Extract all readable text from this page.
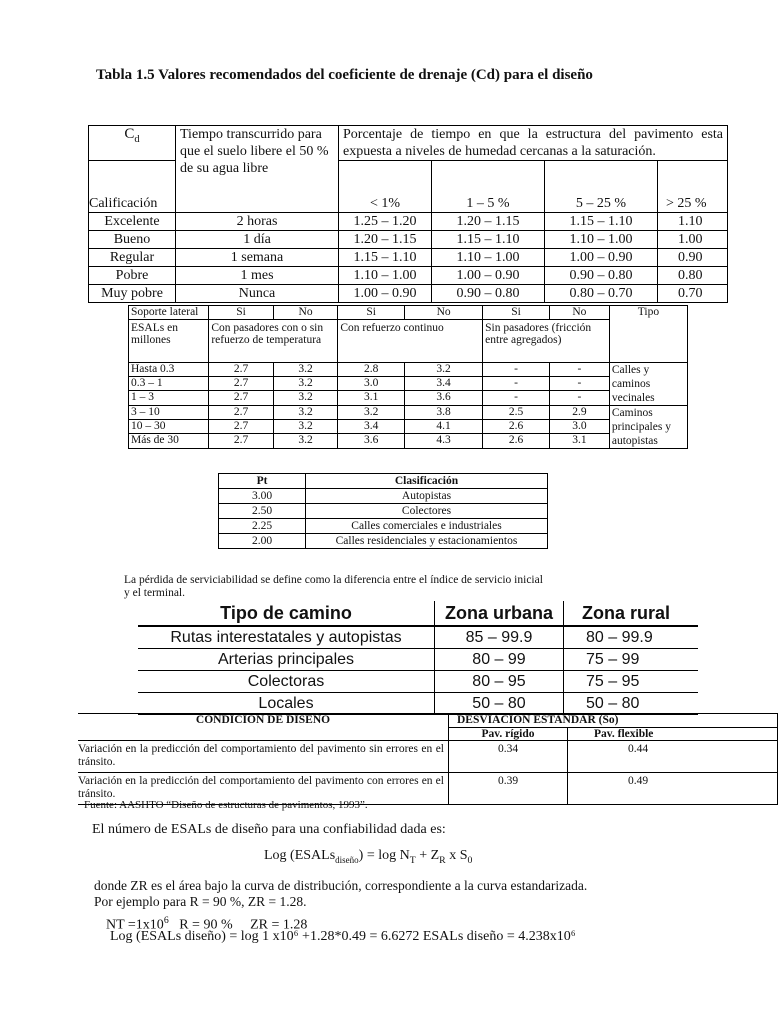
Tabla 1.5 Valores recomendados del coeficiente de drenaje (Cd) para el diseño
$C_d$	Tiempo transcurrido para que el suelo libere el 50 % de su agua libre	Porcentaje de tiempo en que la estructura del pavimento esta expuesta a niveles de humedad cercanas a la saturación.			
Calificación		< 1%	1 – 5 %	5 – 25 %	> 25 %
Excelente	2 horas	1.25 – 1.20	1.20 – 1.15	1.15 – 1.10	1.10
Bueno	1 día	1.20 – 1.15	1.15 – 1.10	1.10 – 1.00	1.00
Regular	1 semana	1.15 – 1.10	1.10 – 1.00	1.00 – 0.90	0.90
Pobre	1 mes	1.10 – 1.00	1.00 – 0.90	0.90 – 0.80	0.80
Muy pobre	Nunca	1.00 – 0.90	0.90 – 0.80	0.80 – 0.70	0.70
Soporte lateral	Si	No	Si	No	Si	No	Tipo
ESALs en millones	Con pasadores con o sin refuerzo de temperatura		Con refuerzo continuo		Sin pasadores (fricción entre agregados)		
Hasta 0.3	2.7	3.2	2.8	3.2	-	-	Calles y caminos vecinales
0.3 – 1	2.7	3.2	3.0	3.4	-	-	
1 – 3	2.7	3.2	3.1	3.6	-	-	
3 – 10	2.7	3.2	3.2	3.8	2.5	2.9	Caminos principales y autopistas
10 – 30	2.7	3.2	3.4	4.1	2.6	3.0	
Más de 30	2.7	3.2	3.6	4.3	2.6	3.1	
Pt	Clasificación
3.00	Autopistas
2.50	Colectores
2.25	Calles comerciales e industriales
2.00	Calles residenciales y estacionamientos
La pérdida de serviciabilidad se define como la diferencia entre el índice de servicio inicial
y el terminal.
Tipo de camino	Zona urbana	Zona rural
Rutas interestatales y autopistas	85 – 99.9	80 – 99.9
Arterias principales	80 – 99	75 – 99
Colectoras	80 – 95	75 – 95
Locales	50 – 80	50 – 80
CONDICION DE DISEÑO	DESVIACION ESTANDAR (So)	
	Pav. rígido	Pav. flexible
Variación en la predicción del comportamiento del pavimento sin errores en el tránsito.	0.34	0.44
Variación en la predicción del comportamiento del pavimento con errores en el tránsito.	0.39	0.49
Fuente: AASHTO “Diseño de estructuras de pavimentos, 1993”.
El número de ESALs de diseño para una confiabilidad dada es:
Log (ESALs$_{diseño}$) = $\log N_T + Z_R$ x $S_0$
donde ZR es el área bajo la curva de distribución, correspondiente a la curva estandarizada.
Por ejemplo para R = 90 %, ZR = 1.28.
NT $=1x10^6$ R = 90 % ZR = 1.28
Log (ESALs diseño) = log 1 x10⁶ +1.28*0.49 = 6.6272 ESALs diseño = 4.238x10⁶
